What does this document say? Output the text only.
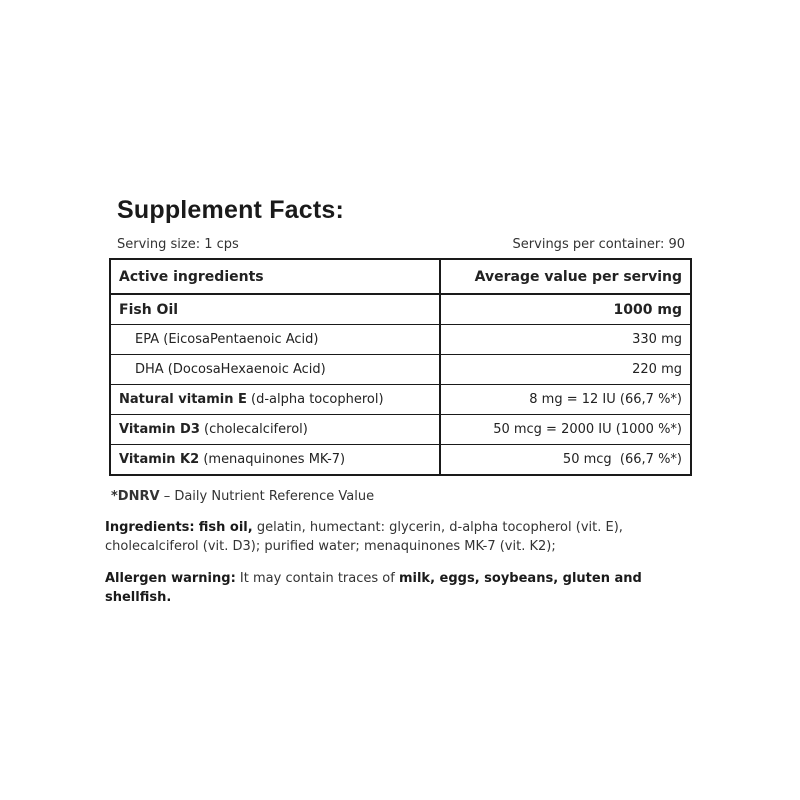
Supplement Facts:
Serving size: 1 cps	Servings per container: 90
Active ingredients	Average value per serving
Fish Oil	1000 mg
EPA (EicosaPentaenoic Acid)	330 mg
DHA (DocosaHexaenoic Acid)	220 mg
Natural vitamin E (d-alpha tocopherol)	8 mg = 12 IU (66,7 %*)
Vitamin D3 (cholecalciferol)	50 mcg = 2000 IU (1000 %*)
Vitamin K2 (menaquinones MK-7)	50 mcg  (66,7 %*)
*DNRV – Daily Nutrient Reference Value
Ingredients: fish oil, gelatin, humectant: glycerin, d-alpha tocopherol (vit. E), cholecalciferol (vit. D3); purified water; menaquinones MK-7 (vit. K2);
Allergen warning: It may contain traces of milk, eggs, soybeans, gluten and shellfish.
